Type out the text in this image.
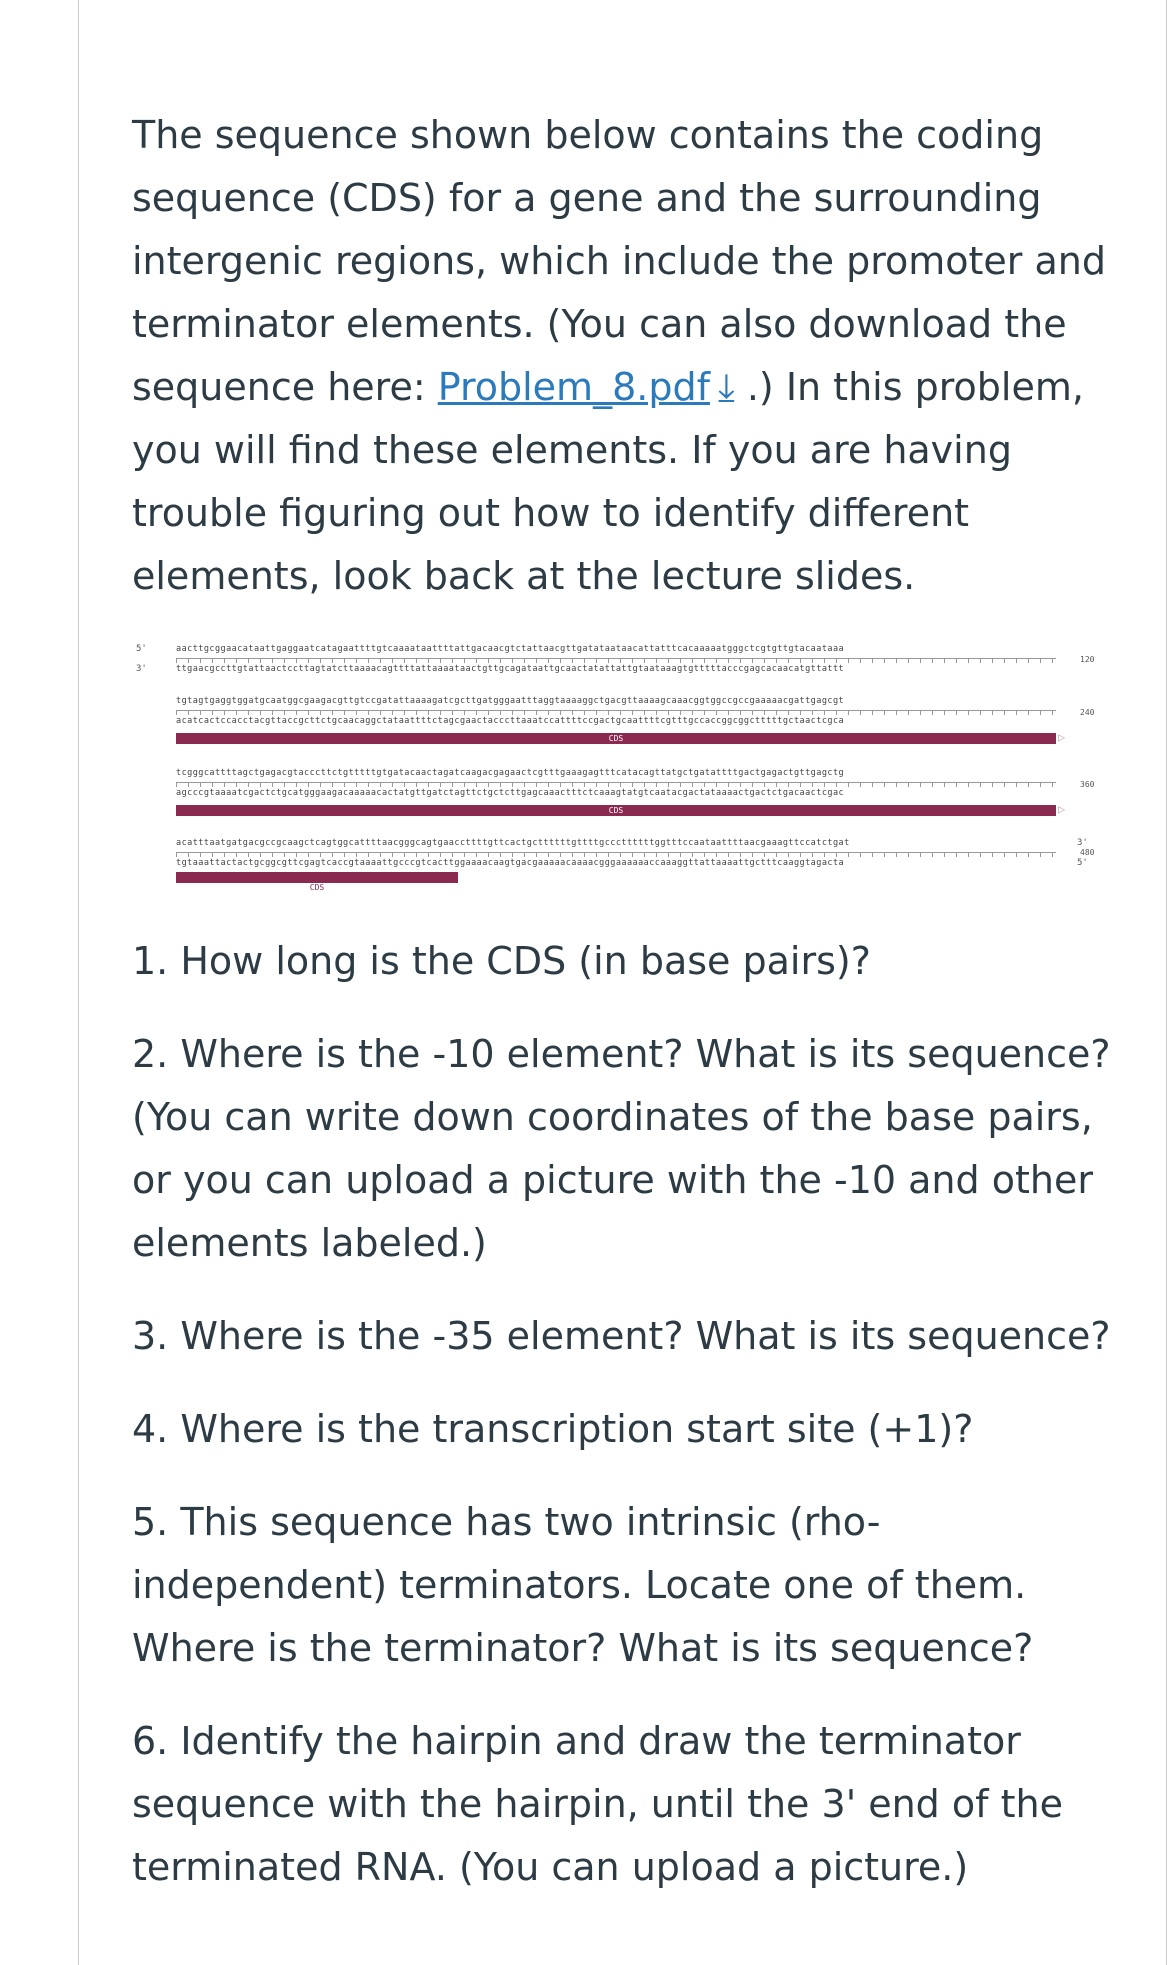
The sequence shown below contains the coding sequence (CDS) for a gene and the surrounding intergenic regions, which include the promoter and terminator elements. (You can also download the sequence here: Problem_8.pdf ⤓ .) In this problem, you will find these elements. If you are having trouble figuring out how to identify different elements, look back at the lecture slides.

5'	aacttgcggaacataattgaggaatcatagaattttgtcaaaataattttattgacaacgtctattaacgttgatataataacattatttcacaaaaatgggctcgtgttgtacaataaa
3'	ttgaacgccttgtattaactccttagtatcttaaaacagttttattaaaataactgttgcagataattgcaactatattattgtaataaagtgtttttacccgagcacaacatgttattt
120
tgtagtgaggtggatgcaatggcgaagacgttgtccgatattaaaagatcgcttgatgggaatttaggtaaaaggctgacgttaaaagcaaacggtggccgccgaaaaacgattgagcgt
acatcactccacctacgttaccgcttctgcaacaggctataattttctagcgaactacccttaaatccattttccgactgcaattttcgtttgccaccggcggctttttgctaactcgca
240
CDS	▷
tcgggcattttagctgagacgtacccttctgtttttgtgatacaactagatcaagacgagaactcgtttgaaagagtttcatacagttatgctgatattttgactgagactgttgagctg
agcccgtaaaatcgactctgcatgggaagacaaaaacactatgttgatctagttctgctcttgagcaaactttctcaaagtatgtcaatacgactataaaactgactctgacaactcgac
360
CDS	▷
acatttaatgatgacgccgcaagctcagtggcattttaacgggcagtgaaccttttgttcactgcttttttgttttgcccttttttggtttccaataattttaacgaaagttccatctgat
tgtaaattactactgcggcgttcgagtcaccgtaaaattgcccgtcacttggaaaacaagtgacgaaaaacaaaacgggaaaaaaccaaaggttattaaaattgctttcaaggtagacta
3'
480
5'
CDS

1. How long is the CDS (in base pairs)?

2. Where is the -10 element? What is its sequence? (You can write down coordinates of the base pairs, or you can upload a picture with the -10 and other elements labeled.)

3. Where is the -35 element? What is its sequence?

4. Where is the transcription start site (+1)?

5. This sequence has two intrinsic (rho-independent) terminators. Locate one of them. Where is the terminator? What is its sequence?

6. Identify the hairpin and draw the terminator sequence with the hairpin, until the 3' end of the terminated RNA. (You can upload a picture.)
